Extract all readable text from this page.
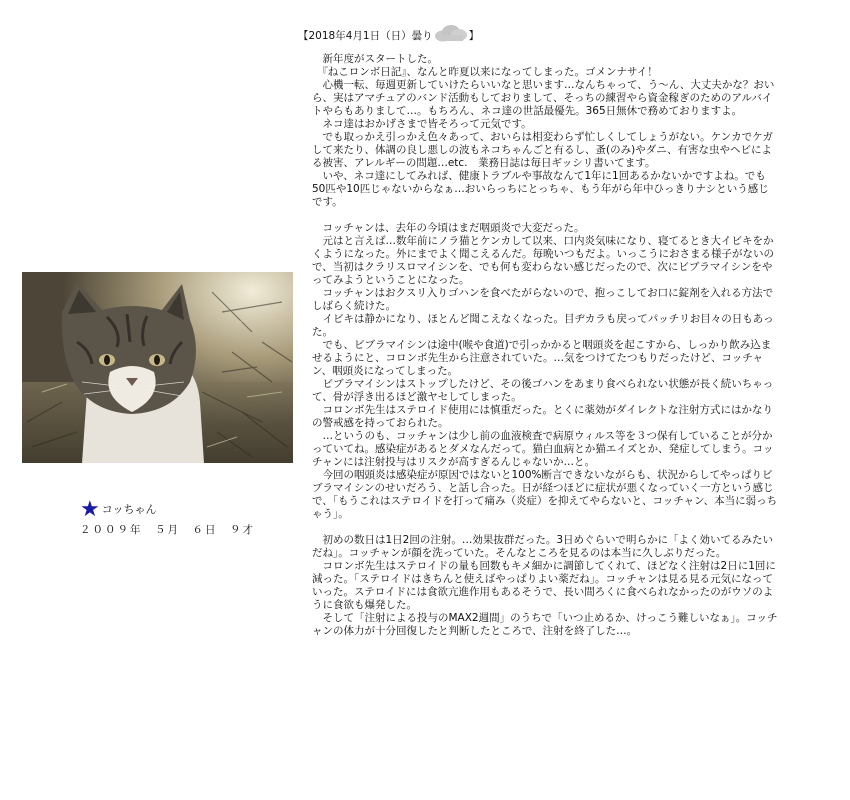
【2018年4月1日（日）曇り	】
★ コッちゃん
２００９年　５月　６日　９才

　新年度がスタートした。

　『ねこロンボ日記』、なんと昨夏以来になってしまった。ゴメンナサイ！

　心機一転、毎週更新していけたらいいなと思います…なんちゃって、う〜ん、大丈夫かな？おいら、実はアマチュアのバンド活動もしておりまして、そっちの練習やら資金稼ぎのためのアルバイトやらもありまして…。もちろん、ネコ達の世話最優先。365日無休で務めておりますよ。

　ネコ達はおかげさまで皆そろって元気です。

　でも取っかえ引っかえ色々あって、おいらは相変わらず忙しくしてしょうがない。ケンカでケガして来たり、体調の良し悪しの波もネコちゃんごと有るし、蚤(のみ)やダニ、有害な虫やヘビによる被害、アレルギーの問題…etc.　業務日誌は毎日ギッシリ書いてます。

　いや、ネコ達にしてみれば、健康トラブルや事故なんて1年に1回あるかないかですよね。でも50匹や10匹じゃないからなぁ…おいらっちにとっちゃ、もう年がら年中ひっきりナシという感じです。

　コッチャンは、去年の今頃はまだ咽頭炎で大変だった。

　元はと言えば…数年前にノラ猫とケンカして以来、口内炎気味になり、寝てるとき大イビキをかくようになった。外にまでよく聞こえるんだ。毎晩いつもだよ。いっこうにおさまる様子がないので、当初はクラリスロマイシンを、でも何も変わらない感じだったので、次にビブラマイシンをやってみようということになった。

　コッチャンはおクスリ入りゴハンを食べたがらないので、抱っこしてお口に錠剤を入れる方法でしばらく続けた。

　イビキは静かになり、ほとんど聞こえなくなった。目ヂカラも戻ってパッチリお目々の日もあった。

　でも、ビブラマイシンは途中(喉や食道)で引っかかると咽頭炎を起こすから、しっかり飲み込ませるようにと、コロンボ先生から注意されていた。…気をつけてたつもりだったけど、コッチャン、咽頭炎になってしまった。

　ビブラマイシンはストップしたけど、その後ゴハンをあまり食べられない状態が長く続いちゃって、骨が浮き出るほど激ヤセしてしまった。

　コロンボ先生はステロイド使用には慎重だった。とくに薬効がダイレクトな注射方式にはかなりの警戒感を持っておられた。

　…というのも、コッチャンは少し前の血液検査で病原ウィルス等を３つ保有していることが分かっていてね。感染症があるとダメなんだって。猫白血病とか猫エイズとか、発症してしまう。コッチャンには注射投与はリスクが高すぎるんじゃないか…と。

　今回の咽頭炎は感染症が原因ではないと100%断言できないながらも、状況からしてやっぱりビブラマイシンのせいだろう、と話し合った。日が経つほどに症状が悪くなっていく一方という感じで、「もうこれはステロイドを打って痛み（炎症）を抑えてやらないと、コッチャン、本当に弱っちゃう」。

　初めの数日は1日2回の注射。…効果抜群だった。3日めぐらいで明らかに「よく効いてるみたいだね」。コッチャンが顔を洗っていた。そんなところを見るのは本当に久しぶりだった。

　コロンボ先生はステロイドの量も回数もキメ細かに調節してくれて、ほどなく注射は2日に1回に減った。「ステロイドはきちんと使えばやっぱりよい薬だね」。コッチャンは見る見る元気になっていった。ステロイドには食欲亢進作用もあるそうで、長い間ろくに食べられなかったのがウソのように食欲も爆発した。

　そして「注射による投与のMAX2週間」のうちで「いつ止めるか、けっこう難しいなぁ」。コッチャンの体力が十分回復したと判断したところで、注射を終了した…。
